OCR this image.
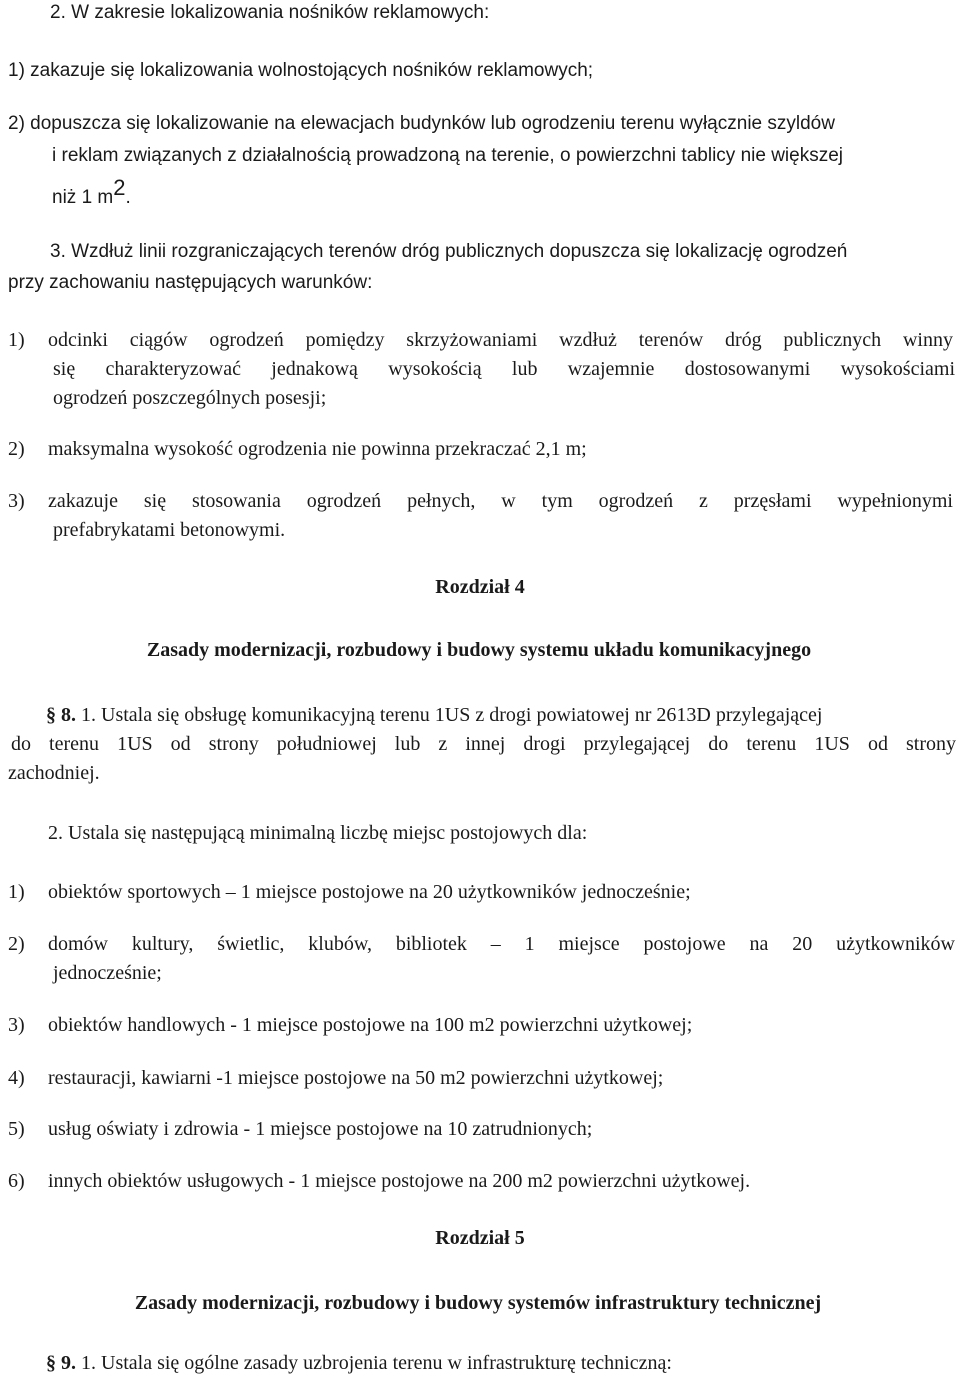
2. W zakresie lokalizowania nośników reklamowych:

1) zakazuje się lokalizowania wolnostojących nośników reklamowych;

2) dopuszcza się lokalizowanie na elewacjach budynków lub ogrodzeniu terenu wyłącznie szyldów

i reklam związanych z działalnością prowadzoną na terenie, o powierzchni tablicy nie większej

niż 1 m2.

3. Wzdłuż linii rozgraniczających terenów dróg publicznych dopuszcza się lokalizację ogrodzeń

przy zachowaniu następujących warunków:

1) odcinki ciągów ogrodzeń pomiędzy skrzyżowaniami wzdłuż terenów dróg publicznych winny

się charakteryzować jednakową wysokością lub wzajemnie dostosowanymi wysokościami

ogrodzeń poszczególnych posesji;

2) maksymalna wysokość ogrodzenia nie powinna przekraczać 2,1 m;

3) zakazuje się stosowania ogrodzeń pełnych, w tym ogrodzeń z przęsłami wypełnionymi

prefabrykatami betonowymi.

Rozdział 4

Zasady modernizacji, rozbudowy i budowy systemu układu komunikacyjnego

§ 8. 1. Ustala się obsługę komunikacyjną terenu 1US z drogi powiatowej nr 2613D przylegającej

do terenu 1US od strony południowej lub z innej drogi przylegającej do terenu 1US od strony

zachodniej.

2. Ustala się następującą minimalną liczbę miejsc postojowych dla:

1) obiektów sportowych – 1 miejsce postojowe na 20 użytkowników jednocześnie;

2) domów kultury, świetlic, klubów, bibliotek – 1 miejsce postojowe na 20 użytkowników

jednocześnie;

3) obiektów handlowych - 1 miejsce postojowe na 100 m2 powierzchni użytkowej;

4) restauracji, kawiarni -1 miejsce postojowe na 50 m2 powierzchni użytkowej;

5) usług oświaty i zdrowia - 1 miejsce postojowe na 10 zatrudnionych;

6) innych obiektów usługowych - 1 miejsce postojowe na 200 m2 powierzchni użytkowej.

Rozdział 5

Zasady modernizacji, rozbudowy i budowy systemów infrastruktury technicznej

§ 9. 1. Ustala się ogólne zasady uzbrojenia terenu w infrastrukturę techniczną:
